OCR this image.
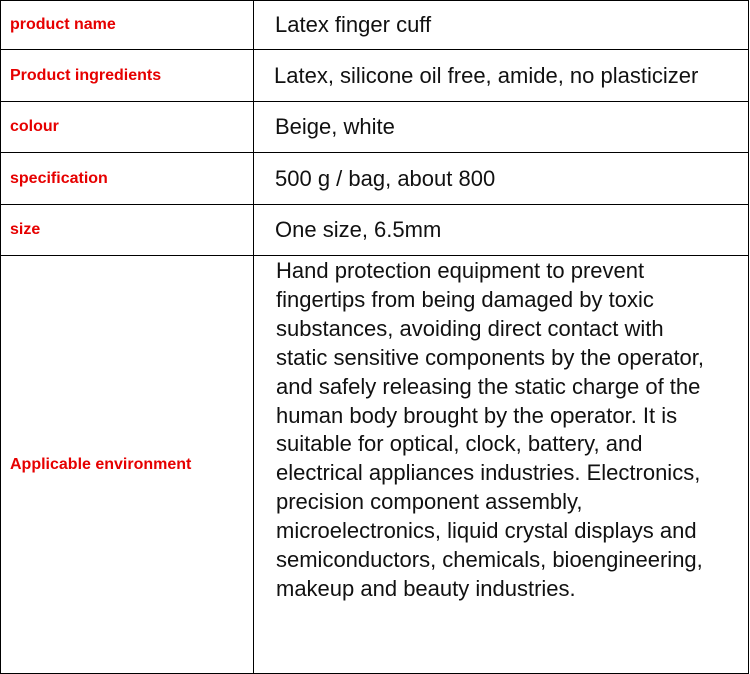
product name	Latex finger cuff
Product ingredients	Latex, silicone oil free, amide, no plasticizer
colour	Beige, white
specification	500 g / bag, about 800
size	One size, 6.5mm
Applicable environment	Hand protection equipment to prevent fingertips from being damaged by toxic substances, avoiding direct contact with static sensitive components by the operator, and safely releasing the static charge of the human body brought by the operator. It is suitable for optical, clock, battery, and electrical appliances industries. Electronics, precision component assembly, microelectronics, liquid crystal displays and semiconductors, chemicals, bioengineering, makeup and beauty industries.
